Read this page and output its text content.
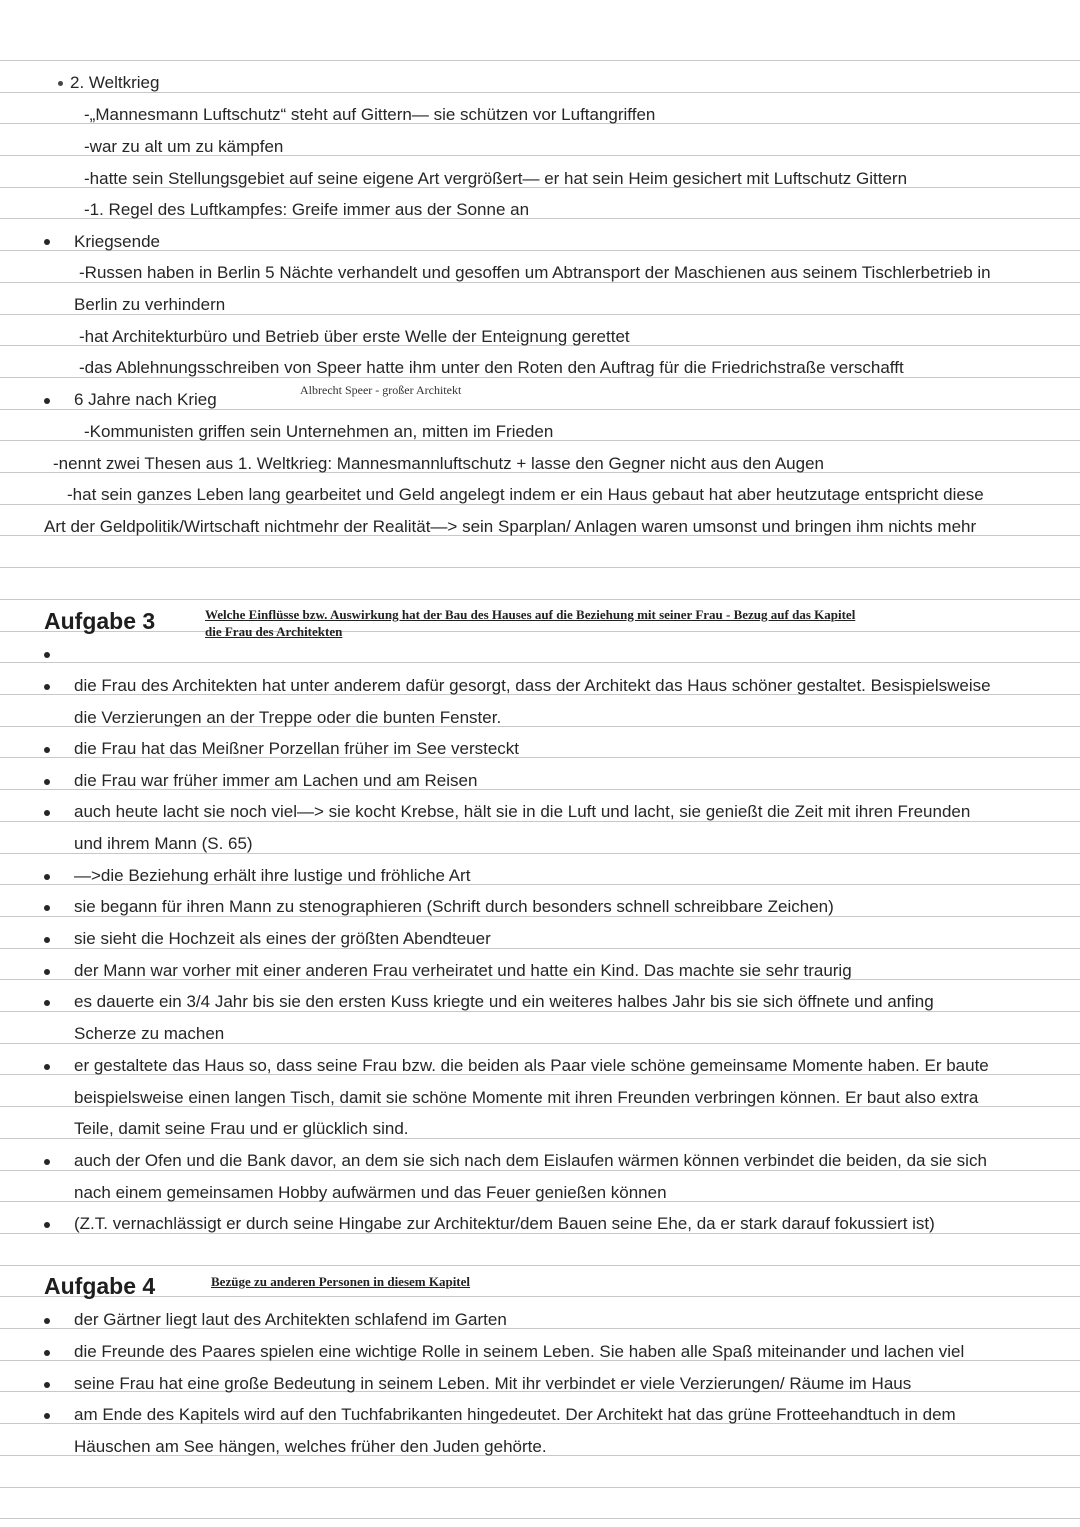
2. Weltkrieg
-„Mannesmann Luftschutz“ steht auf Gittern— sie schützen vor Luftangriffen
-war zu alt um zu kämpfen
-hatte sein Stellungsgebiet auf seine eigene Art vergrößert— er hat sein Heim gesichert mit Luftschutz Gittern
-1. Regel des Luftkampfes: Greife immer aus der Sonne an
Kriegsende
-Russen haben in Berlin 5 Nächte verhandelt und gesoffen um Abtransport der Maschienen aus seinem Tischlerbetrieb in
Berlin zu verhindern
-hat Architekturbüro und Betrieb über erste Welle der Enteignung gerettet
-das Ablehnungsschreiben von Speer hatte ihm unter den Roten den Auftrag für die Friedrichstraße verschafft
Albrecht Speer - großer Architekt
6 Jahre nach Krieg
-Kommunisten griffen sein Unternehmen an, mitten im Frieden
-nennt zwei Thesen aus 1. Weltkrieg: Mannesmannluftschutz + lasse den Gegner nicht aus den Augen
-hat sein ganzes Leben lang gearbeitet und Geld angelegt indem er ein Haus gebaut hat aber heutzutage entspricht diese
Art der Geldpolitik/Wirtschaft nichtmehr der Realität—> sein Sparplan/ Anlagen waren umsonst und bringen ihm nichts mehr
Aufgabe 3	Welche Einflüsse bzw. Auswirkung hat der Bau des Hauses auf die Beziehung mit seiner Frau - Bezug auf das Kapitel
die Frau des Architekten
die Frau des Architekten hat unter anderem dafür gesorgt, dass der Architekt das Haus schöner gestaltet. Besispielsweise
die Verzierungen an der Treppe oder die bunten Fenster.
die Frau hat das Meißner Porzellan früher im See versteckt
die Frau war früher immer am Lachen und am Reisen
auch heute lacht sie noch viel—> sie kocht Krebse, hält sie in die Luft und lacht, sie genießt die Zeit mit ihren Freunden
und ihrem Mann (S. 65)
—>die Beziehung erhält ihre lustige und fröhliche Art
sie begann für ihren Mann zu stenographieren (Schrift durch besonders schnell schreibbare Zeichen)
sie sieht die Hochzeit als eines der größten Abendteuer
der Mann war vorher mit einer anderen Frau verheiratet und hatte ein Kind. Das machte sie sehr traurig
es dauerte ein 3/4 Jahr bis sie den ersten Kuss kriegte und ein weiteres halbes Jahr bis sie sich öffnete und anfing
Scherze zu machen
er gestaltete das Haus so, dass seine Frau bzw. die beiden als Paar viele schöne gemeinsame Momente haben. Er baute
beispielsweise einen langen Tisch, damit sie schöne Momente mit ihren Freunden verbringen können. Er baut also extra
Teile, damit seine Frau und er glücklich sind.
auch der Ofen und die Bank davor, an dem sie sich nach dem Eislaufen wärmen können verbindet die beiden, da sie sich
nach einem gemeinsamen Hobby aufwärmen und das Feuer genießen können
(Z.T. vernachlässigt er durch seine Hingabe zur Architektur/dem Bauen seine Ehe, da er stark darauf fokussiert ist)
Aufgabe 4	Bezüge zu anderen Personen in diesem Kapitel
der Gärtner liegt laut des Architekten schlafend im Garten
die Freunde des Paares spielen eine wichtige Rolle in seinem Leben. Sie haben alle Spaß miteinander und lachen viel
seine Frau hat eine große Bedeutung in seinem Leben. Mit ihr verbindet er viele Verzierungen/ Räume im Haus
am Ende des Kapitels wird auf den Tuchfabrikanten hingedeutet. Der Architekt hat das grüne Frotteehandtuch in dem
Häuschen am See hängen, welches früher den Juden gehörte.
